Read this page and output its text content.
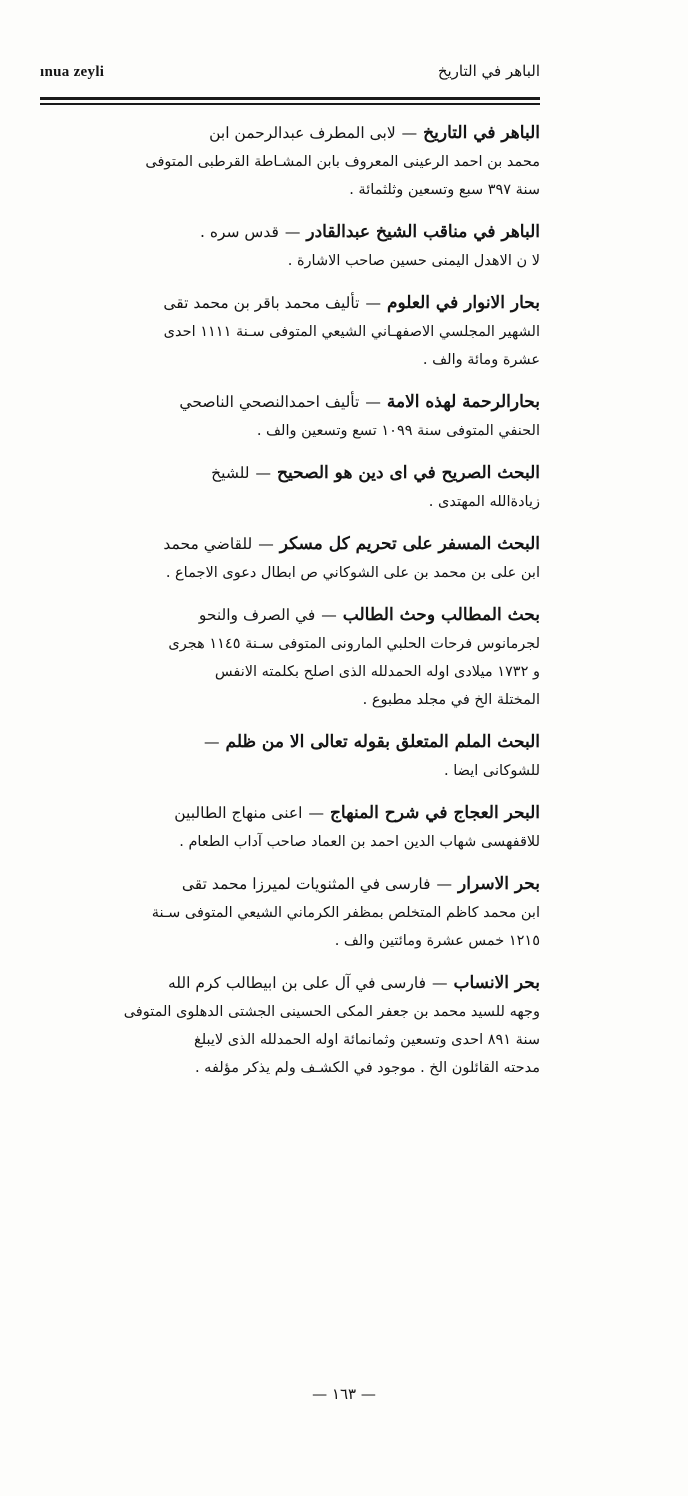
ınua zeyli	الباهر في التاريخ

الباهر في التاريخ—لابى المطرف عبدالرحمن ابن

محمد بن احمد الرعينى المعروف بابن المشـاطة القرطبى المتوفى

سنة ٣٩٧ سبع وتسعين وثلثمائة .

الباهر في مناقب الشيخ عبدالقادر—قدس سره .

لا ن الاهدل اليمنى حسين صاحب الاشارة .

بحار الانوار في العلوم—تأليف محمد باقر بن محمد تقى

الشهير المجلسي الاصفهـاني الشيعي المتوفى سـنة ١١١١ احدى

عشرة ومائة والف .

بحارالرحمة لهذه الامة—تأليف احمدالنصحي الناصحي

الحنفي المتوفى سنة ١٠٩٩ تسع وتسعين والف .

البحث الصريح في اى دين هو الصحيح—للشيخ

زيادةالله المهتدى .

البحث المسفر على تحريم كل مسكر—للقاضي محمد

ابن على بن محمد بن على الشوكاني ص ابطال دعوى الاجماع .

بحث المطالب وحث الطالب—في الصرف والنحو

لجرمانوس فرحات الحلبي المارونى المتوفى سـنة ١١٤٥ هجرى

و ١٧٣٢ ميلادى اوله الحمدلله الذى اصلح بكلمته الانفس

المختلة الخ في مجلد مطبوع .

البحث الملم المتعلق بقوله تعالى الا من ظلم—

للشوكانى ايضا .

البحر العجاج في شرح المنهاج—اعنى منهاج الطالبين

للاقفهسى شهاب الدين احمد بن العماد صاحب آداب الطعام .

بحر الاسرار—فارسى في المثنويات لميرزا محمد تقى

ابن محمد كاظم المتخلص بمظفر الكرماني الشيعي المتوفى سـنة

١٢١٥ خمس عشرة ومائتين والف .

بحر الانساب—فارسى في آل على بن ابيطالب كرم الله

وجهه للسيد محمد بن جعفر المكى الحسينى الجشتى الدهلوى المتوفى

سنة ٨٩١ احدى وتسعين وثمانمائة اوله الحمدلله الذى لايبلغ

مدحته القائلون الخ . موجود في الكشـف ولم يذكر مؤلفه .

— ١٦٣ —
